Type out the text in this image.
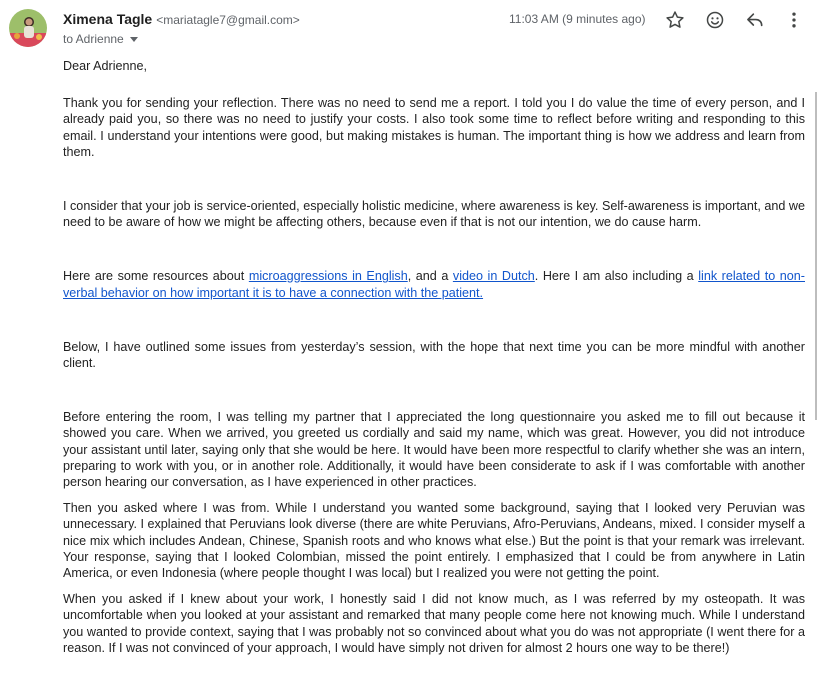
Ximena Tagle <mariatagle7@gmail.com>
to Adrienne
11:03 AM (9 minutes ago)

Dear Adrienne,

Thank you for sending your reflection. There was no need to send me a report. I told you I do value the time of every person, and I already paid you, so there was no need to justify your costs. I also took some time to reflect before writing and responding to this email. I understand your intentions were good, but making mistakes is human. The important thing is how we address and learn from them.

I consider that your job is service-oriented, especially holistic medicine, where awareness is key. Self-awareness is important, and we need to be aware of how we might be affecting others, because even if that is not our intention, we do cause harm.

Here are some resources about microaggressions in English, and a video in Dutch. Here I am also including a link related to non-verbal behavior on how important it is to have a connection with the patient.

Below, I have outlined some issues from yesterday’s session, with the hope that next time you can be more mindful with another client.

Before entering the room, I was telling my partner that I appreciated the long questionnaire you asked me to fill out because it showed you care. When we arrived, you greeted us cordially and said my name, which was great. However, you did not introduce your assistant until later, saying only that she would be here. It would have been more respectful to clarify whether she was an intern, preparing to work with you, or in another role. Additionally, it would have been considerate to ask if I was comfortable with another person hearing our conversation, as I have experienced in other practices.

Then you asked where I was from. While I understand you wanted some background, saying that I looked very Peruvian was unnecessary. I explained that Peruvians look diverse (there are white Peruvians, Afro-Peruvians, Andeans, mixed. I consider myself a nice mix which includes Andean, Chinese, Spanish roots and who knows what else.) But the point is that your remark was irrelevant. Your response, saying that I looked Colombian, missed the point entirely. I emphasized that I could be from anywhere in Latin America, or even Indonesia (where people thought I was local) but I realized you were not getting the point.

When you asked if I knew about your work, I honestly said I did not know much, as I was referred by my osteopath. It was uncomfortable when you looked at your assistant and remarked that many people come here not knowing much. While I understand you wanted to provide context, saying that I was probably not so convinced about what you do was not appropriate (I went there for a reason. If I was not convinced of your approach, I would have simply not driven for almost 2 hours one way to be there!)
